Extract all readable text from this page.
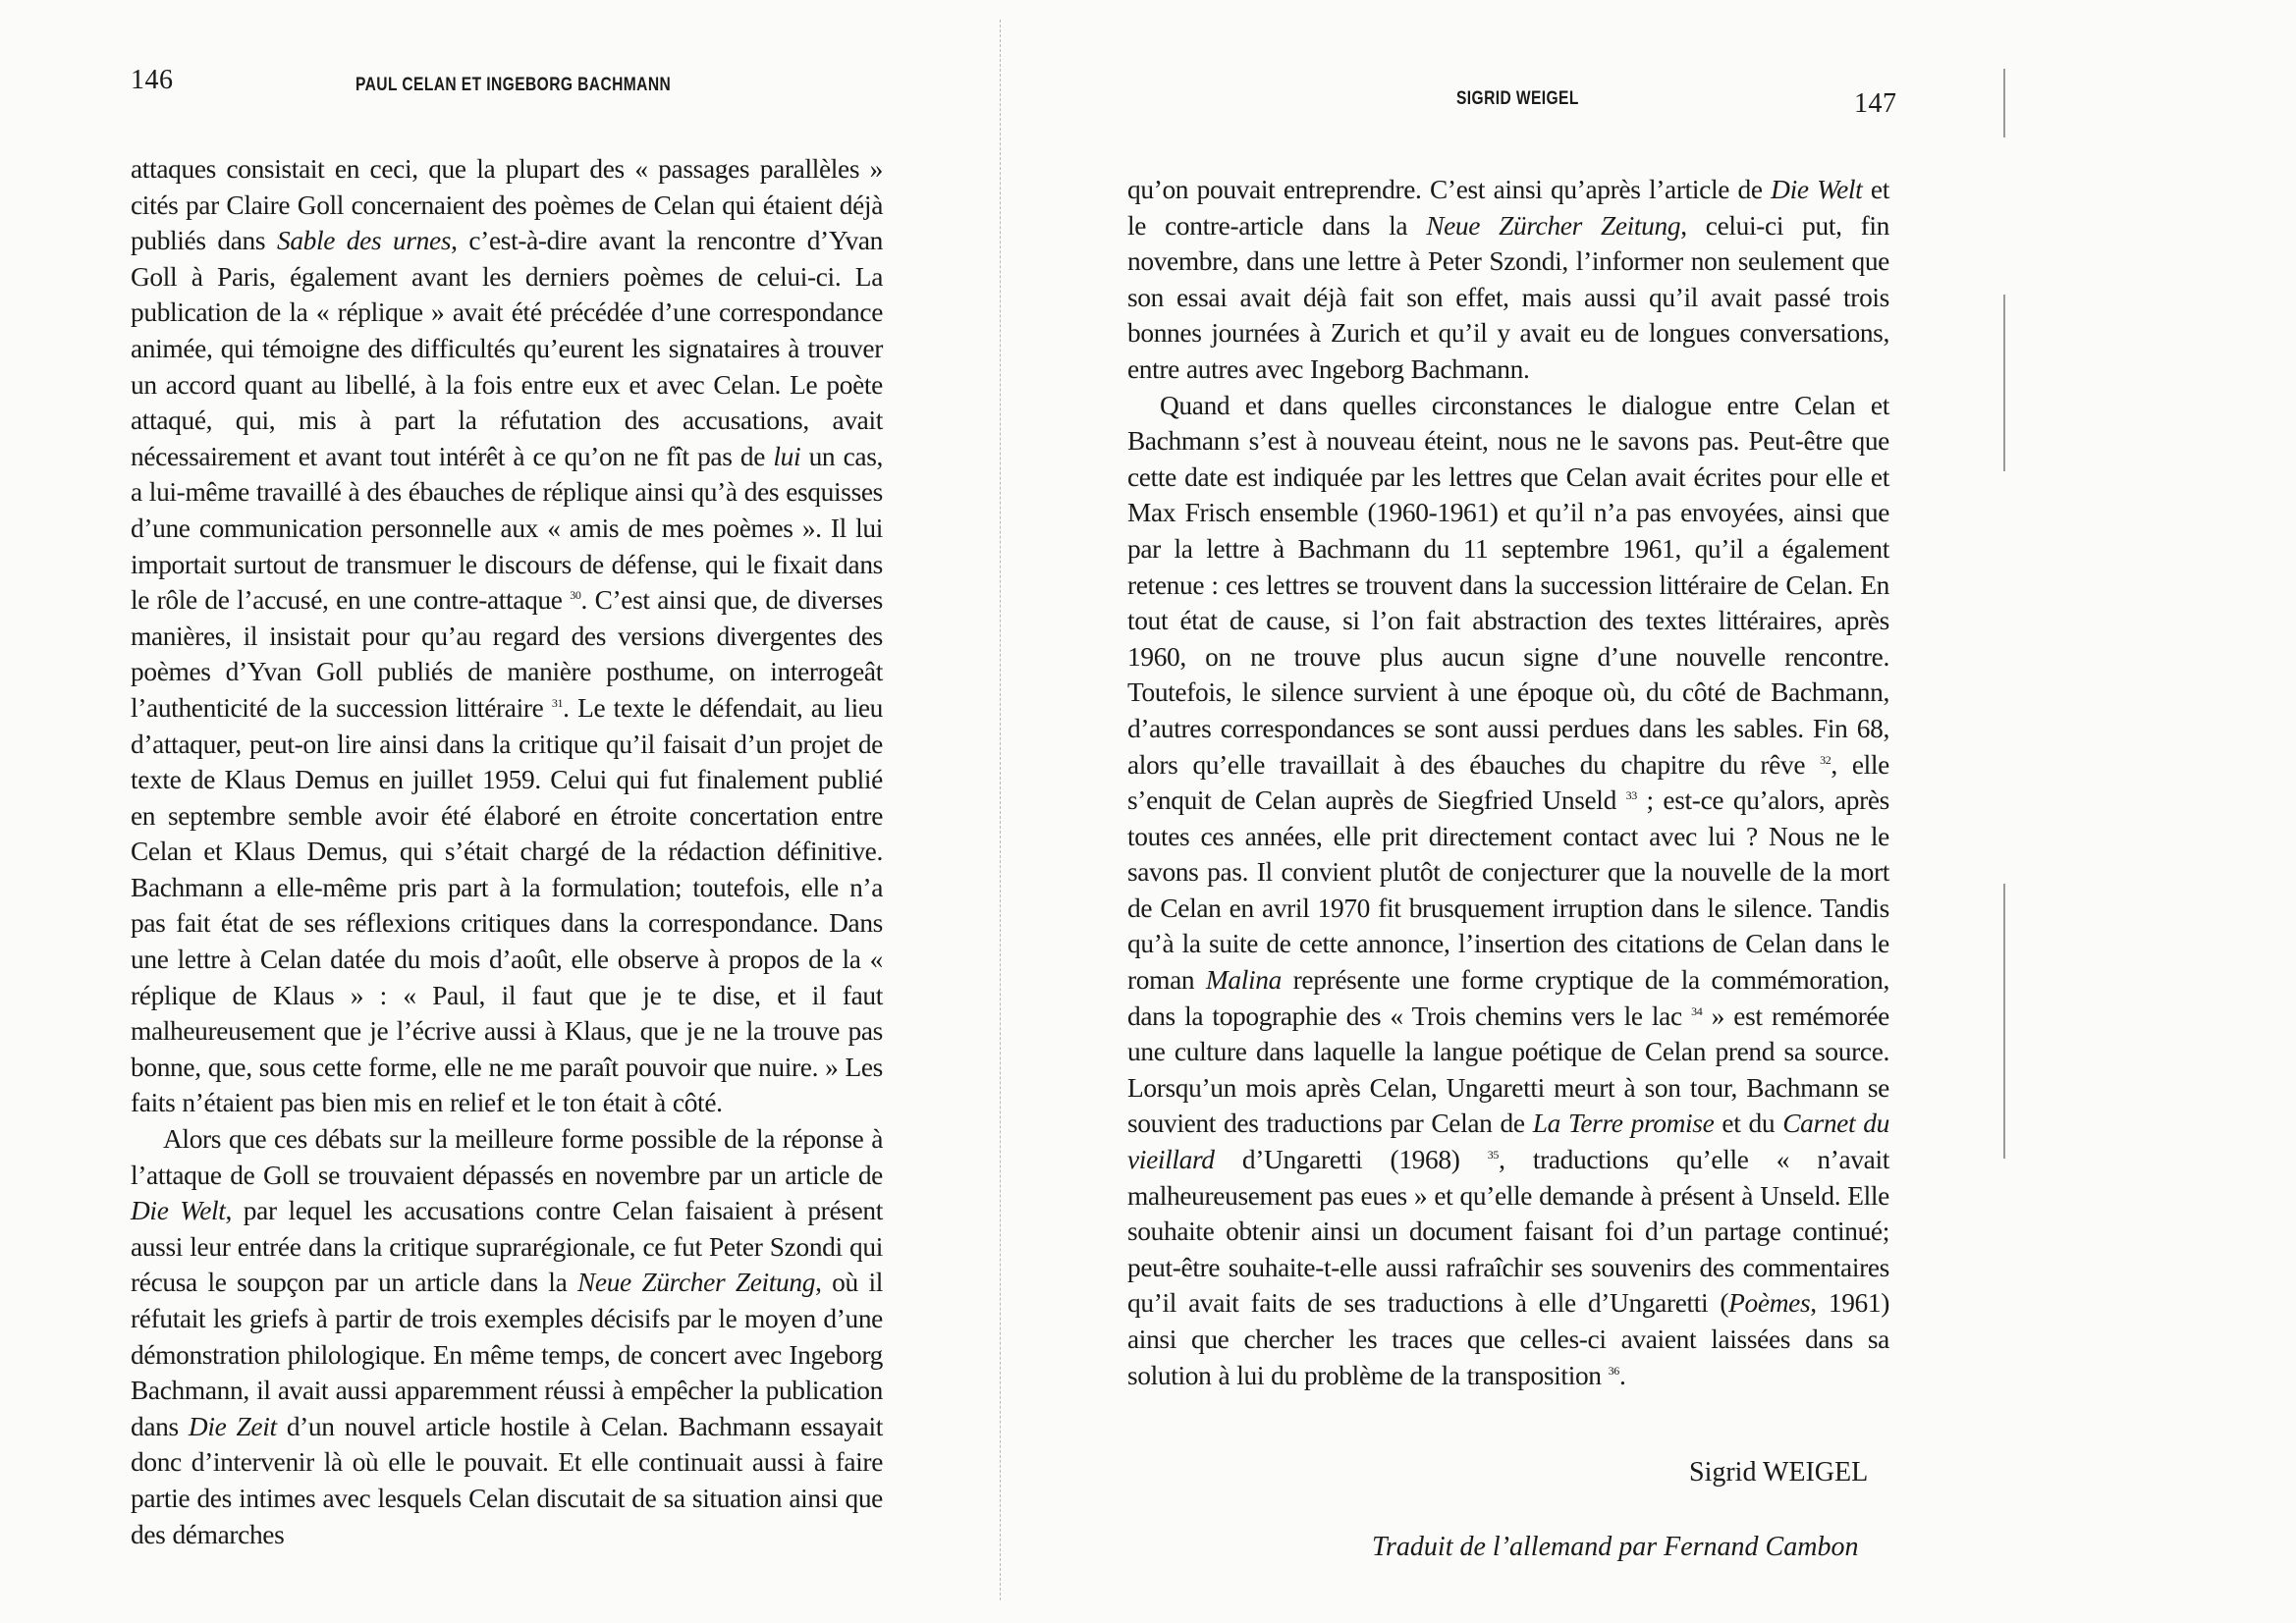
146	PAUL CELAN ET INGEBORG BACHMANN

attaques consistait en ceci, que la plupart des « passages parallèles » cités par Claire Goll concernaient des poèmes de Celan qui étaient déjà publiés dans Sable des urnes, c’est-à-dire avant la rencontre d’Yvan Goll à Paris, également avant les derniers poèmes de celui-ci. La publication de la « réplique » avait été précédée d’une correspondance animée, qui témoigne des difficultés qu’eurent les signataires à trouver un accord quant au libellé, à la fois entre eux et avec Celan. Le poète attaqué, qui, mis à part la réfutation des accusations, avait nécessairement et avant tout intérêt à ce qu’on ne fît pas de lui un cas, a lui-même travaillé à des ébauches de réplique ainsi qu’à des esquisses d’une communication personnelle aux « amis de mes poèmes ». Il lui importait surtout de transmuer le discours de défense, qui le fixait dans le rôle de l’accusé, en une contre-attaque $^{30}$. C’est ainsi que, de diverses manières, il insistait pour qu’au regard des versions divergentes des poèmes d’Yvan Goll publiés de manière posthume, on interrogeât l’authenticité de la succession littéraire $^{31}$. Le texte le défendait, au lieu d’attaquer, peut-on lire ainsi dans la critique qu’il faisait d’un projet de texte de Klaus Demus en juillet 1959. Celui qui fut finalement publié en septembre semble avoir été élaboré en étroite concertation entre Celan et Klaus Demus, qui s’était chargé de la rédaction définitive. Bachmann a elle-même pris part à la formulation; toutefois, elle n’a pas fait état de ses réflexions critiques dans la correspondance. Dans une lettre à Celan datée du mois d’août, elle observe à propos de la « réplique de Klaus » : « Paul, il faut que je te dise, et il faut malheureusement que je l’écrive aussi à Klaus, que je ne la trouve pas bonne, que, sous cette forme, elle ne me paraît pouvoir que nuire. » Les faits n’étaient pas bien mis en relief et le ton était à côté.

Alors que ces débats sur la meilleure forme possible de la réponse à l’attaque de Goll se trouvaient dépassés en novembre par un article de Die Welt, par lequel les accusations contre Celan faisaient à présent aussi leur entrée dans la critique suprarégionale, ce fut Peter Szondi qui récusa le soupçon par un article dans la Neue Zürcher Zeitung, où il réfutait les griefs à partir de trois exemples décisifs par le moyen d’une démonstration philologique. En même temps, de concert avec Ingeborg Bachmann, il avait aussi apparemment réussi à empêcher la publication dans Die Zeit d’un nouvel article hostile à Celan. Bachmann essayait donc d’intervenir là où elle le pouvait. Et elle continuait aussi à faire partie des intimes avec lesquels Celan discutait de sa situation ainsi que des démarches

SIGRID WEIGEL	147

qu’on pouvait entreprendre. C’est ainsi qu’après l’article de Die Welt et le contre-article dans la Neue Zürcher Zeitung, celui-ci put, fin novembre, dans une lettre à Peter Szondi, l’informer non seulement que son essai avait déjà fait son effet, mais aussi qu’il avait passé trois bonnes journées à Zurich et qu’il y avait eu de longues conversations, entre autres avec Ingeborg Bachmann.

Quand et dans quelles circonstances le dialogue entre Celan et Bachmann s’est à nouveau éteint, nous ne le savons pas. Peut-être que cette date est indiquée par les lettres que Celan avait écrites pour elle et Max Frisch ensemble (1960-1961) et qu’il n’a pas envoyées, ainsi que par la lettre à Bachmann du 11 septembre 1961, qu’il a également retenue : ces lettres se trouvent dans la succession littéraire de Celan. En tout état de cause, si l’on fait abstraction des textes littéraires, après 1960, on ne trouve plus aucun signe d’une nouvelle rencontre. Toutefois, le silence survient à une époque où, du côté de Bachmann, d’autres correspondances se sont aussi perdues dans les sables. Fin 68, alors qu’elle travaillait à des ébauches du chapitre du rêve $^{32}$, elle s’enquit de Celan auprès de Siegfried Unseld $^{33}$ ; est-ce qu’alors, après toutes ces années, elle prit directement contact avec lui ? Nous ne le savons pas. Il convient plutôt de conjecturer que la nouvelle de la mort de Celan en avril 1970 fit brusquement irruption dans le silence. Tandis qu’à la suite de cette annonce, l’insertion des citations de Celan dans le roman Malina représente une forme cryptique de la commémoration, dans la topographie des « Trois chemins vers le lac $^{34}$ » est remémorée une culture dans laquelle la langue poétique de Celan prend sa source. Lorsqu’un mois après Celan, Ungaretti meurt à son tour, Bachmann se souvient des traductions par Celan de La Terre promise et du Carnet du vieillard d’Ungaretti (1968) $^{35}$, traductions qu’elle « n’avait malheureusement pas eues » et qu’elle demande à présent à Unseld. Elle souhaite obtenir ainsi un document faisant foi d’un partage continué; peut-être souhaite-t-elle aussi rafraîchir ses souvenirs des commentaires qu’il avait faits de ses traductions à elle d’Ungaretti (Poèmes, 1961) ainsi que chercher les traces que celles-ci avaient laissées dans sa solution à lui du problème de la transposition $^{36}$.

Sigrid WEIGEL
Traduit de l’allemand par Fernand Cambon
